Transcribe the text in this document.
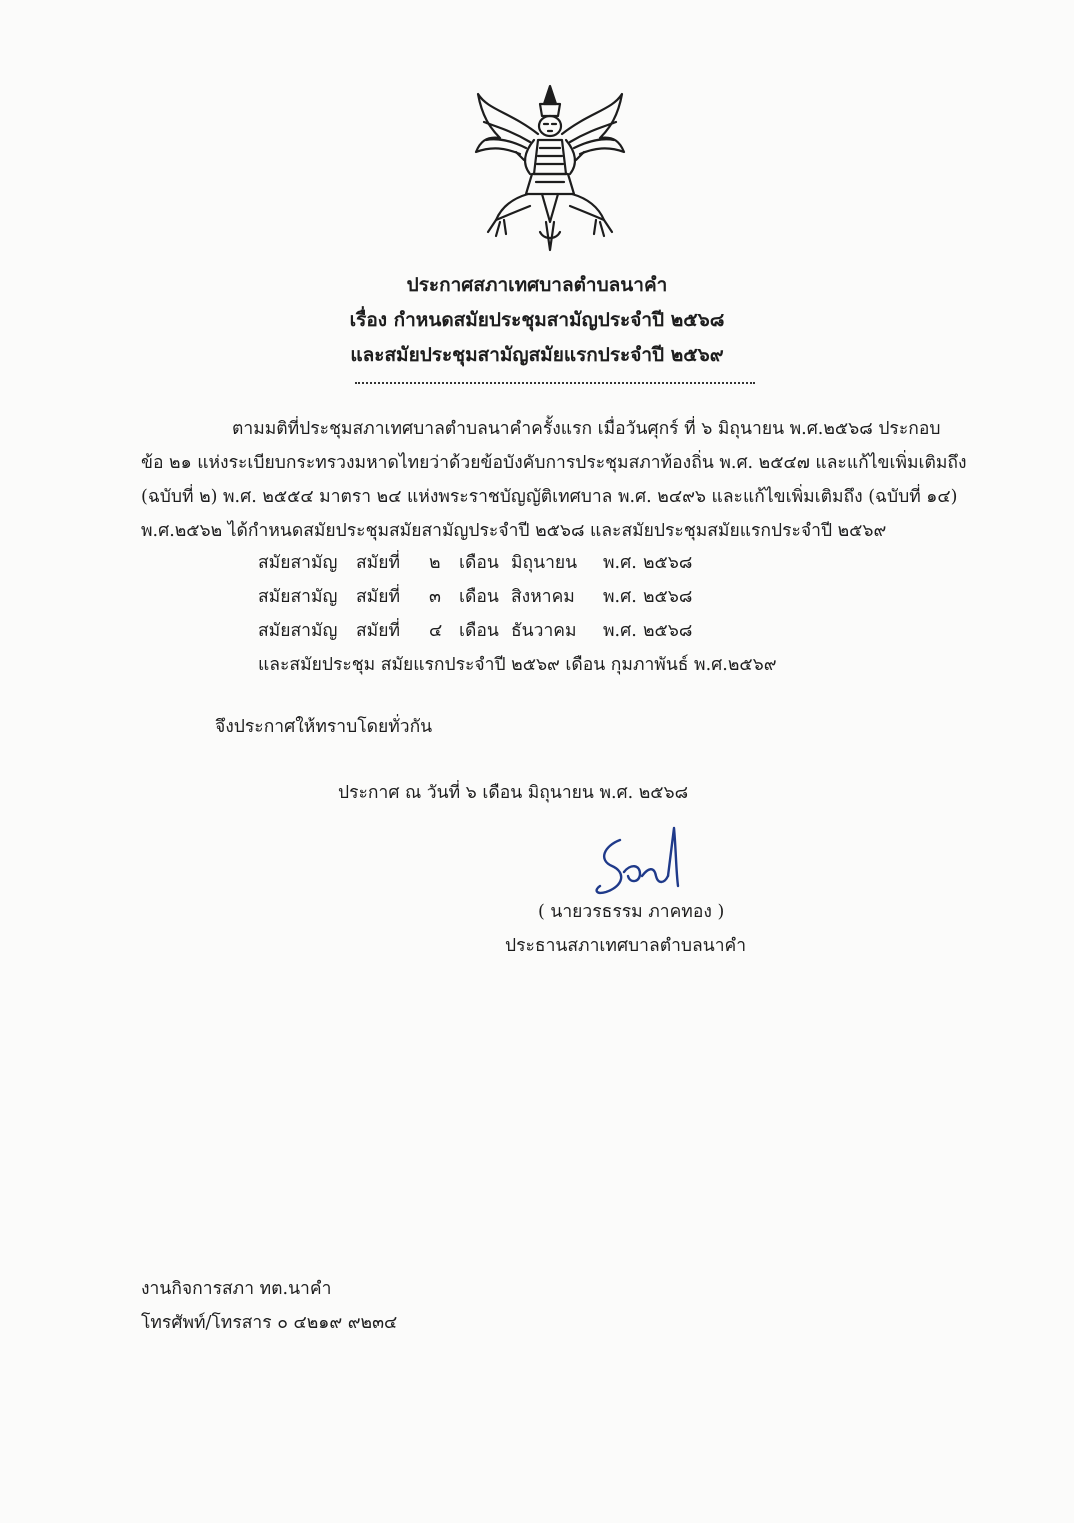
ประกาศสภาเทศบาลตำบลนาคำ
เรื่อง กำหนดสมัยประชุมสามัญประจำปี ๒๕๖๘
และสมัยประชุมสามัญสมัยแรกประจำปี ๒๕๖๙
ตามมติที่ประชุมสภาเทศบาลตำบลนาคำครั้งแรก เมื่อวันศุกร์ ที่ ๖ มิถุนายน พ.ศ.๒๕๖๘ ประกอบ
ข้อ ๒๑ แห่งระเบียบกระทรวงมหาดไทยว่าด้วยข้อบังคับการประชุมสภาท้องถิ่น พ.ศ. ๒๕๔๗ และแก้ไขเพิ่มเติมถึง
(ฉบับที่ ๒) พ.ศ. ๒๕๕๔ มาตรา ๒๔ แห่งพระราชบัญญัติเทศบาล พ.ศ. ๒๔๙๖ และแก้ไขเพิ่มเติมถึง (ฉบับที่ ๑๔)
พ.ศ.๒๕๖๒ ได้กำหนดสมัยประชุมสมัยสามัญประจำปี ๒๕๖๘ และสมัยประชุมสมัยแรกประจำปี ๒๕๖๙
สมัยสามัญ สมัยที่ ๒ เดือน มิถุนายน พ.ศ. ๒๕๖๘
สมัยสามัญ สมัยที่ ๓ เดือน สิงหาคม พ.ศ. ๒๕๖๘
สมัยสามัญ สมัยที่ ๔ เดือน ธันวาคม พ.ศ. ๒๕๖๘
และสมัยประชุม สมัยแรกประจำปี ๒๕๖๙ เดือน กุมภาพันธ์ พ.ศ.๒๕๖๙
จึงประกาศให้ทราบโดยทั่วกัน
ประกาศ ณ วันที่ ๖ เดือน มิถุนายน พ.ศ. ๒๕๖๘
( นายวรธรรม ภาคทอง )
ประธานสภาเทศบาลตำบลนาคำ
งานกิจการสภา ทต.นาคำ
โทรศัพท์/โทรสาร ๐ ๔๒๑๙ ๙๒๓๔
